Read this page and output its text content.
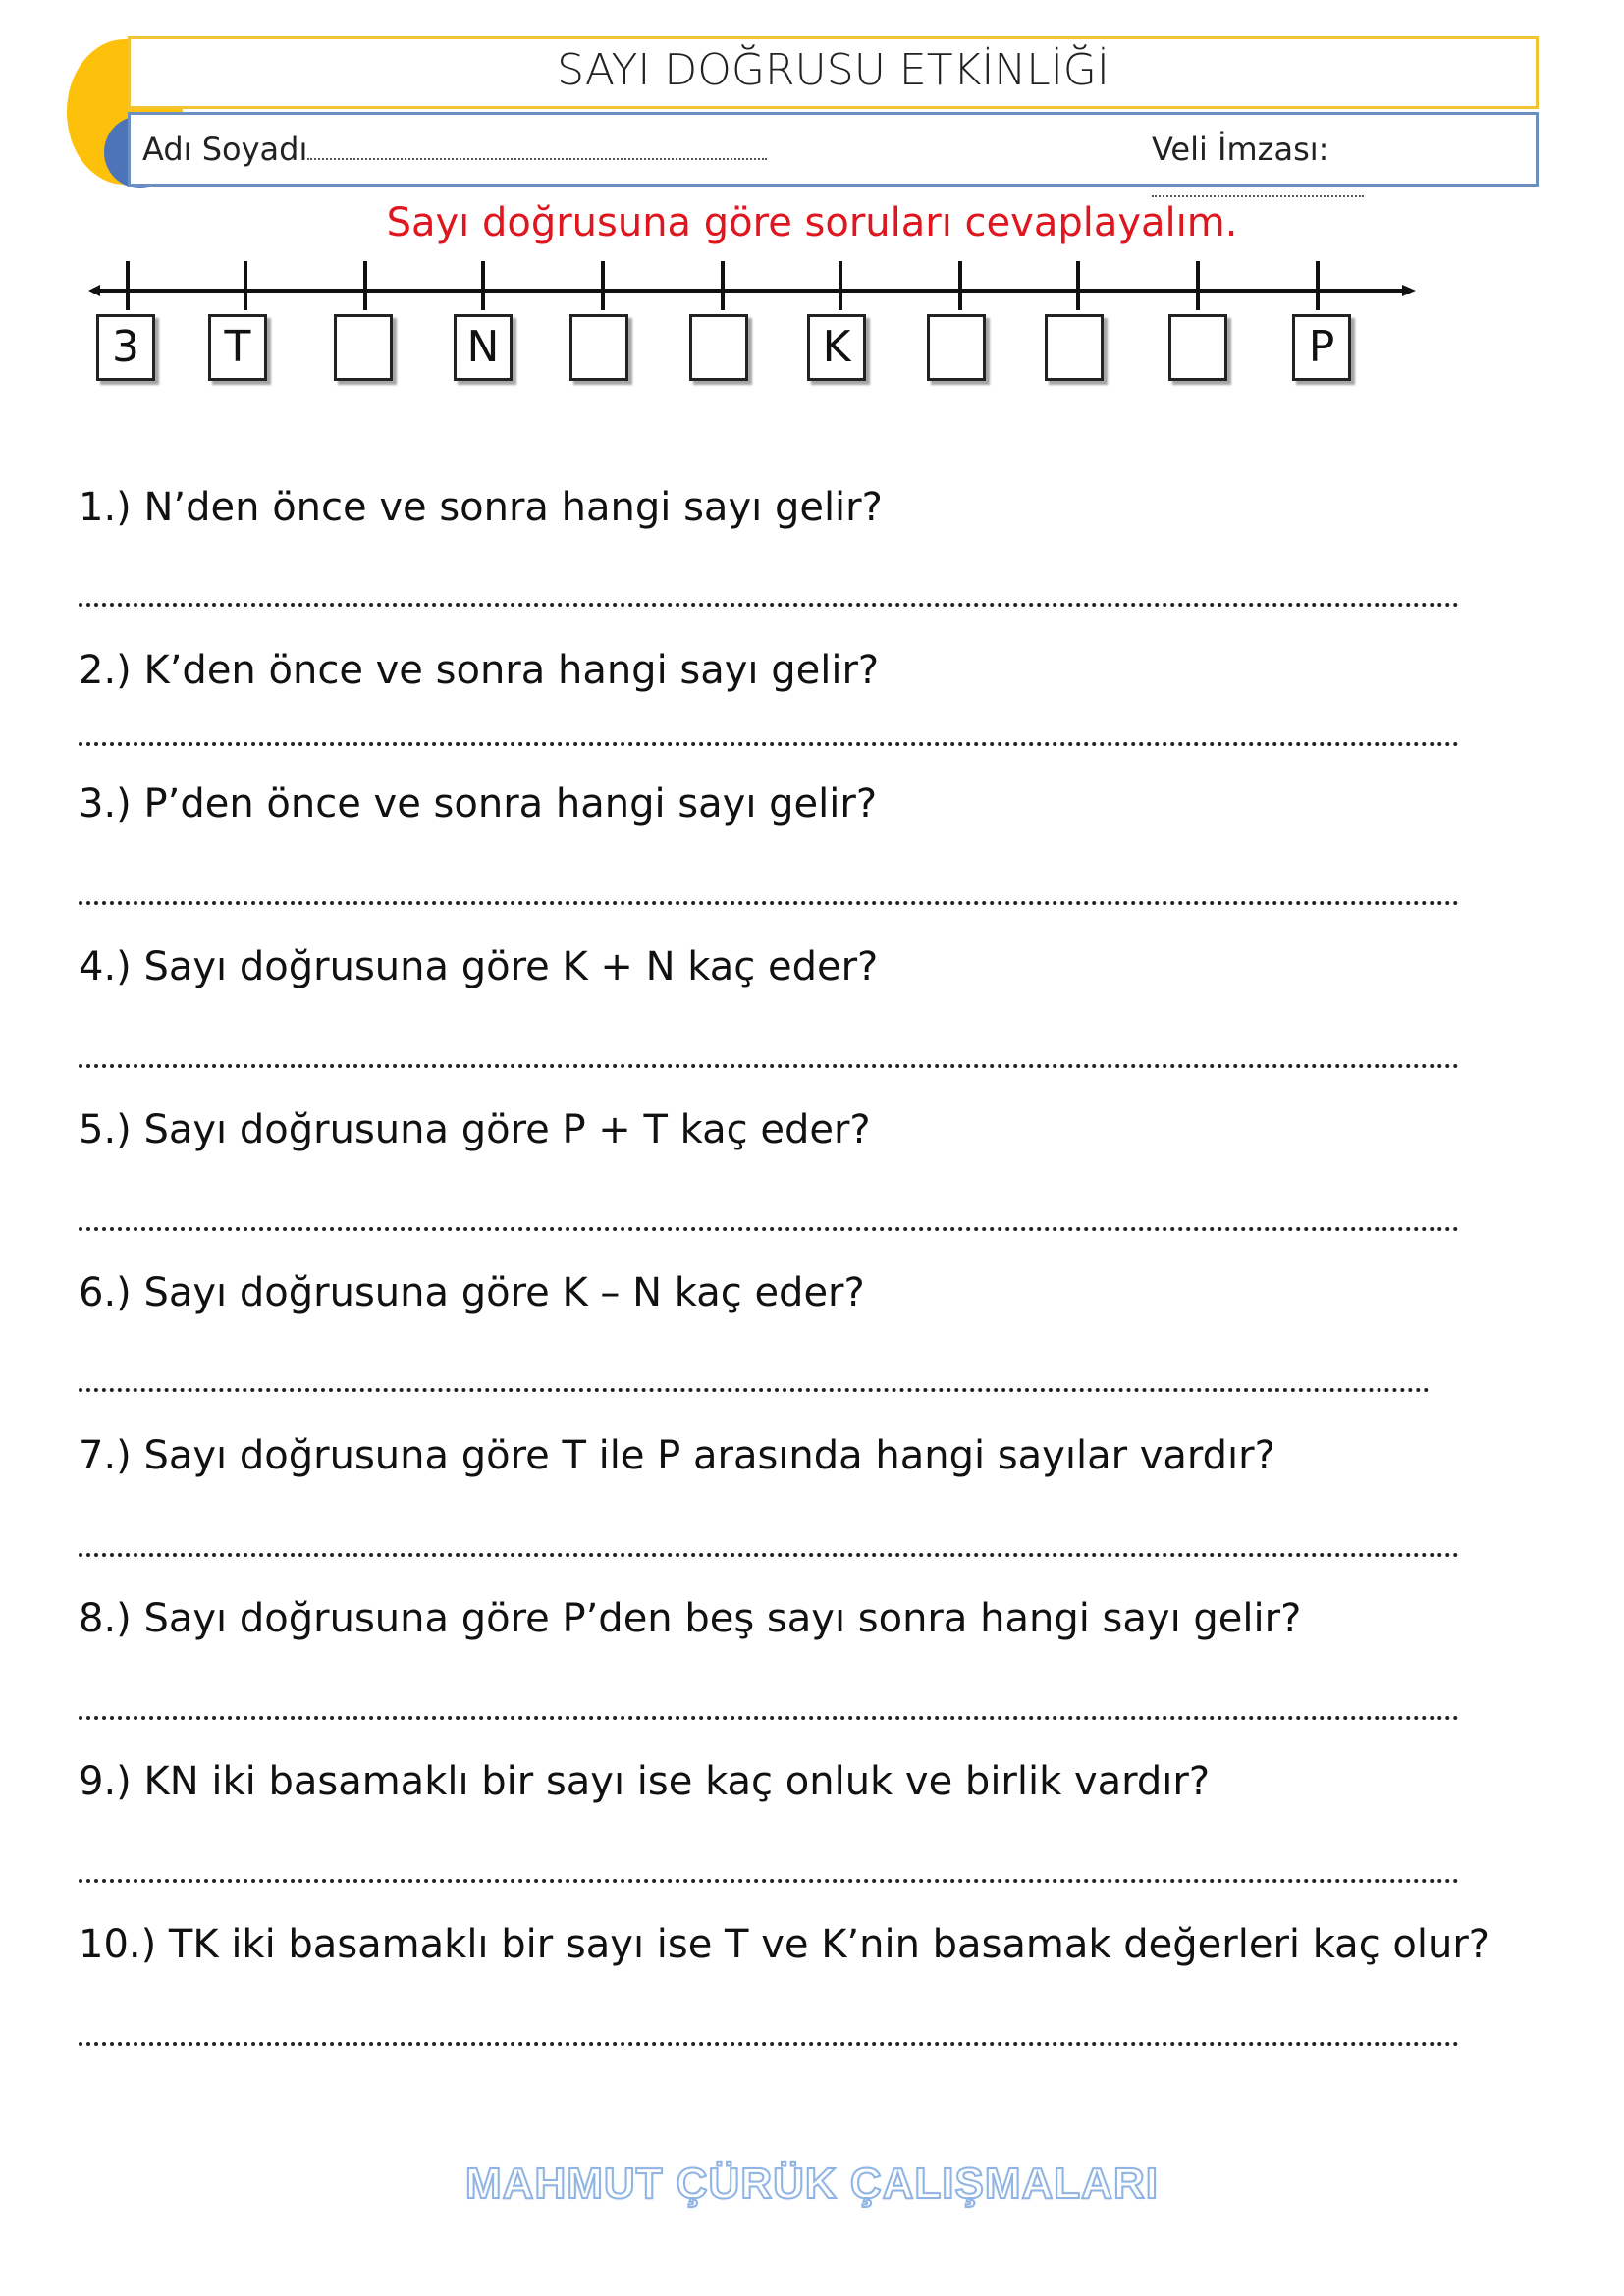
SAYI DOĞRUSU ETKİNLİĞİ
Adı Soyadı	Veli İmzası:
Sayı doğrusuna göre soruları cevaplayalım.
3	T	N	K	P
1.) N’den önce ve sonra hangi sayı gelir?
2.) K’den önce ve sonra hangi sayı gelir?
3.) P’den önce ve sonra hangi sayı gelir?
4.) Sayı doğrusuna göre K + N kaç eder?
5.) Sayı doğrusuna göre P + T kaç eder?
6.) Sayı doğrusuna göre K – N kaç eder?
7.) Sayı doğrusuna göre T ile P arasında hangi sayılar vardır?
8.) Sayı doğrusuna göre P’den beş sayı sonra hangi sayı gelir?
9.) KN iki basamaklı bir sayı ise kaç onluk ve birlik vardır?
10.) TK iki basamaklı bir sayı ise T ve K’nin basamak değerleri kaç olur?
MAHMUT ÇÜRÜK ÇALIŞMALARI
